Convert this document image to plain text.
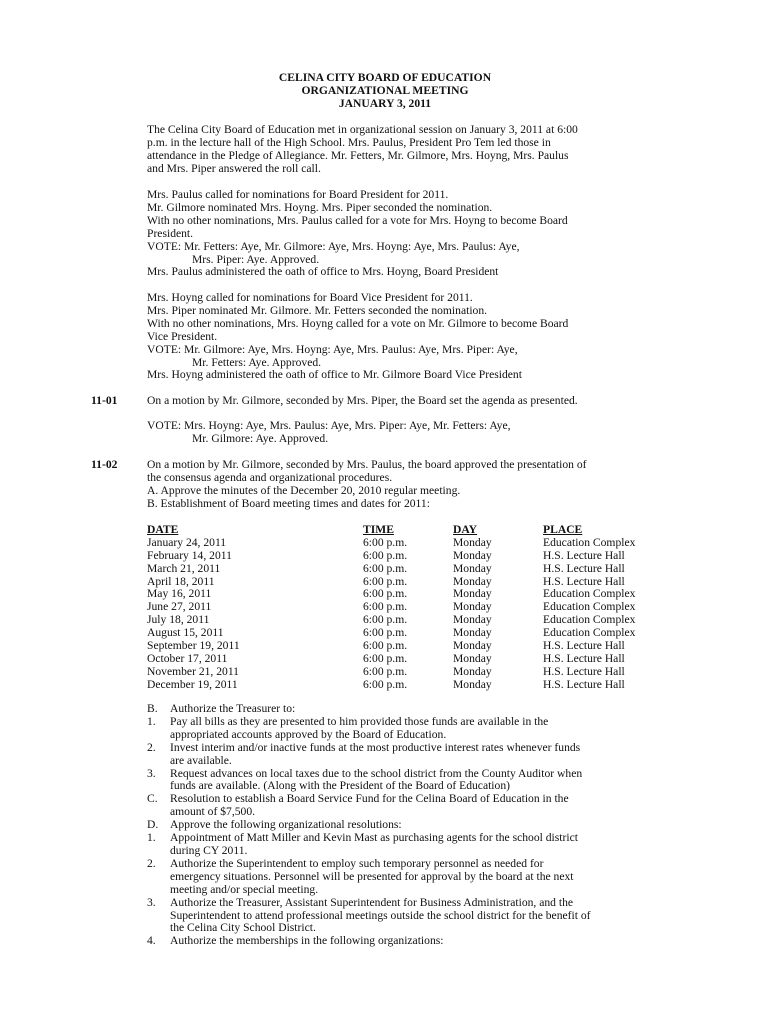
CELINA CITY BOARD OF EDUCATION
ORGANIZATIONAL MEETING
JANUARY 3, 2011
The Celina City Board of Education met in organizational session on January 3, 2011 at 6:00
p.m. in the lecture hall of the High School. Mrs. Paulus, President Pro Tem led those in
attendance in the Pledge of Allegiance. Mr. Fetters, Mr. Gilmore, Mrs. Hoyng, Mrs. Paulus
and Mrs. Piper answered the roll call.
Mrs. Paulus called for nominations for Board President for 2011.
Mr. Gilmore nominated Mrs. Hoyng. Mrs. Piper seconded the nomination.
With no other nominations, Mrs. Paulus called for a vote for Mrs. Hoyng to become Board
President.
VOTE: Mr. Fetters: Aye, Mr. Gilmore: Aye, Mrs. Hoyng: Aye, Mrs. Paulus: Aye,
Mrs. Piper: Aye. Approved.
Mrs. Paulus administered the oath of office to Mrs. Hoyng, Board President
Mrs. Hoyng called for nominations for Board Vice President for 2011.
Mrs. Piper nominated Mr. Gilmore. Mr. Fetters seconded the nomination.
With no other nominations, Mrs. Hoyng called for a vote on Mr. Gilmore to become Board
Vice President.
VOTE: Mr. Gilmore: Aye, Mrs. Hoyng: Aye, Mrs. Paulus: Aye, Mrs. Piper: Aye,
Mr. Fetters: Aye. Approved.
Mrs. Hoyng administered the oath of office to Mr. Gilmore Board Vice President
11-01	On a motion by Mr. Gilmore, seconded by Mrs. Piper, the Board set the agenda as presented.
VOTE: Mrs. Hoyng: Aye, Mrs. Paulus: Aye, Mrs. Piper: Aye, Mr. Fetters: Aye,
Mr. Gilmore: Aye. Approved.
11-02	On a motion by Mr. Gilmore, seconded by Mrs. Paulus, the board approved the presentation of
the consensus agenda and organizational procedures.
A. Approve the minutes of the December 20, 2010 regular meeting.
B. Establishment of Board meeting times and dates for 2011:
DATE	TIME	DAY	PLACE
January 24, 2011	6:00 p.m.	Monday	Education Complex
February 14, 2011	6:00 p.m.	Monday	H.S. Lecture Hall
March 21, 2011	6:00 p.m.	Monday	H.S. Lecture Hall
April 18, 2011	6:00 p.m.	Monday	H.S. Lecture Hall
May 16, 2011	6:00 p.m.	Monday	Education Complex
June 27, 2011	6:00 p.m.	Monday	Education Complex
July 18, 2011	6:00 p.m.	Monday	Education Complex
August 15, 2011	6:00 p.m.	Monday	Education Complex
September 19, 2011	6:00 p.m.	Monday	H.S. Lecture Hall
October 17, 2011	6:00 p.m.	Monday	H.S. Lecture Hall
November 21, 2011	6:00 p.m.	Monday	H.S. Lecture Hall
December 19, 2011	6:00 p.m.	Monday	H.S. Lecture Hall
B. Authorize the Treasurer to:
1. Pay all bills as they are presented to him provided those funds are available in the
appropriated accounts approved by the Board of Education.
2. Invest interim and/or inactive funds at the most productive interest rates whenever funds
are available.
3. Request advances on local taxes due to the school district from the County Auditor when
funds are available. (Along with the President of the Board of Education)
C. Resolution to establish a Board Service Fund for the Celina Board of Education in the
amount of $7,500.
D. Approve the following organizational resolutions:
1. Appointment of Matt Miller and Kevin Mast as purchasing agents for the school district
during CY 2011.
2. Authorize the Superintendent to employ such temporary personnel as needed for
emergency situations. Personnel will be presented for approval by the board at the next
meeting and/or special meeting.
3. Authorize the Treasurer, Assistant Superintendent for Business Administration, and the
Superintendent to attend professional meetings outside the school district for the benefit of
the Celina City School District.
4. Authorize the memberships in the following organizations:
